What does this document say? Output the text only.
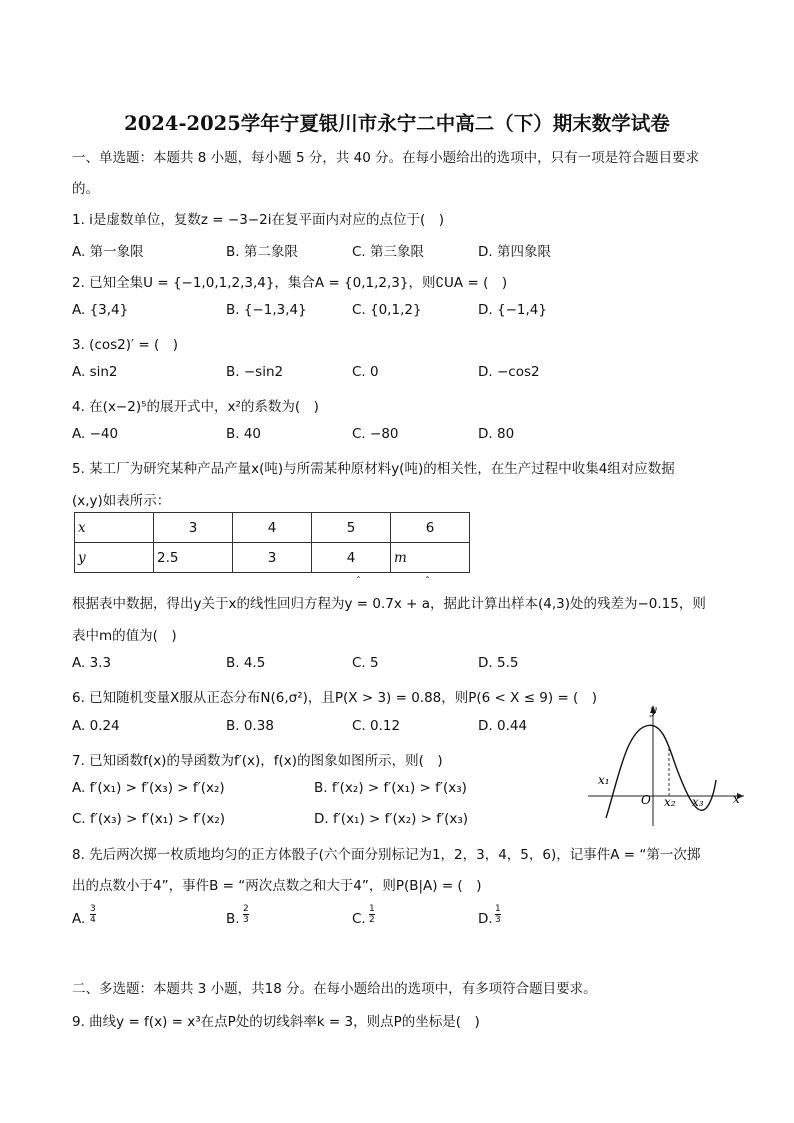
2024-2025学年宁夏银川市永宁二中高二（下）期末数学试卷
一、单选题：本题共 8 小题，每小题 5 分，共 40 分。在每小题给出的选项中，只有一项是符合题目要求
的。
1. i是虚数单位，复数z = −3−2i在复平面内对应的点位于(　)
A. 第一象限	B. 第二象限	C. 第三象限	D. 第四象限
2. 已知全集U = {−1,0,1,2,3,4}，集合A = {0,1,2,3}，则∁UA = (　)
A. {3,4}	B. {−1,3,4}	C. {0,1,2}	D. {−1,4}
3. (cos2)′ = (　)
A. sin2	B. −sin2	C. 0	D. −cos2
4. 在(x−2)⁵的展开式中，x²的系数为(　)
A. −40	B. 40	C. −80	D. 80
5. 某工厂为研究某种产品产量x(吨)与所需某种原材料y(吨)的相关性，在生产过程中收集4组对应数据
(x,y)如表所示：
x	3	4	5	6
y	2.5	3	4	m
ˆ	ˆ
根据表中数据，得出y关于x的线性回归方程为y = 0.7x + a，据此计算出样本(4,3)处的残差为−0.15，则
表中m的值为(　)
A. 3.3	B. 4.5	C. 5	D. 5.5
6. 已知随机变量X服从正态分布N(6,σ²)，且P(X > 3) = 0.88，则P(6 < X ≤ 9) = (　)
A. 0.24	B. 0.38	C. 0.12	D. 0.44
7. 已知函数f(x)的导函数为f′(x)，f(x)的图象如图所示，则(　)
A. f′(x₁) > f′(x₃) > f′(x₂)	B. f′(x₂) > f′(x₁) > f′(x₃)
C. f′(x₃) > f′(x₁) > f′(x₂)	D. f′(x₁) > f′(x₂) > f′(x₃)
y
x
O
x₁
x₂ x₃
8. 先后两次掷一枚质地均匀的正方体骰子(六个面分别标记为1，2，3，4，5，6)，记事件A = “第一次掷
出的点数小于4”，事件B = “两次点数之和大于4”，则P(B|A) = (　)
A. $\frac{3}{4}$	B. $\frac{2}{3}$	C. $\frac{1}{2}$	D. $\frac{1}{3}$
二、多选题：本题共 3 小题，共18 分。在每小题给出的选项中，有多项符合题目要求。
9. 曲线y = f(x) = x³在点P处的切线斜率k = 3，则点P的坐标是(　)
